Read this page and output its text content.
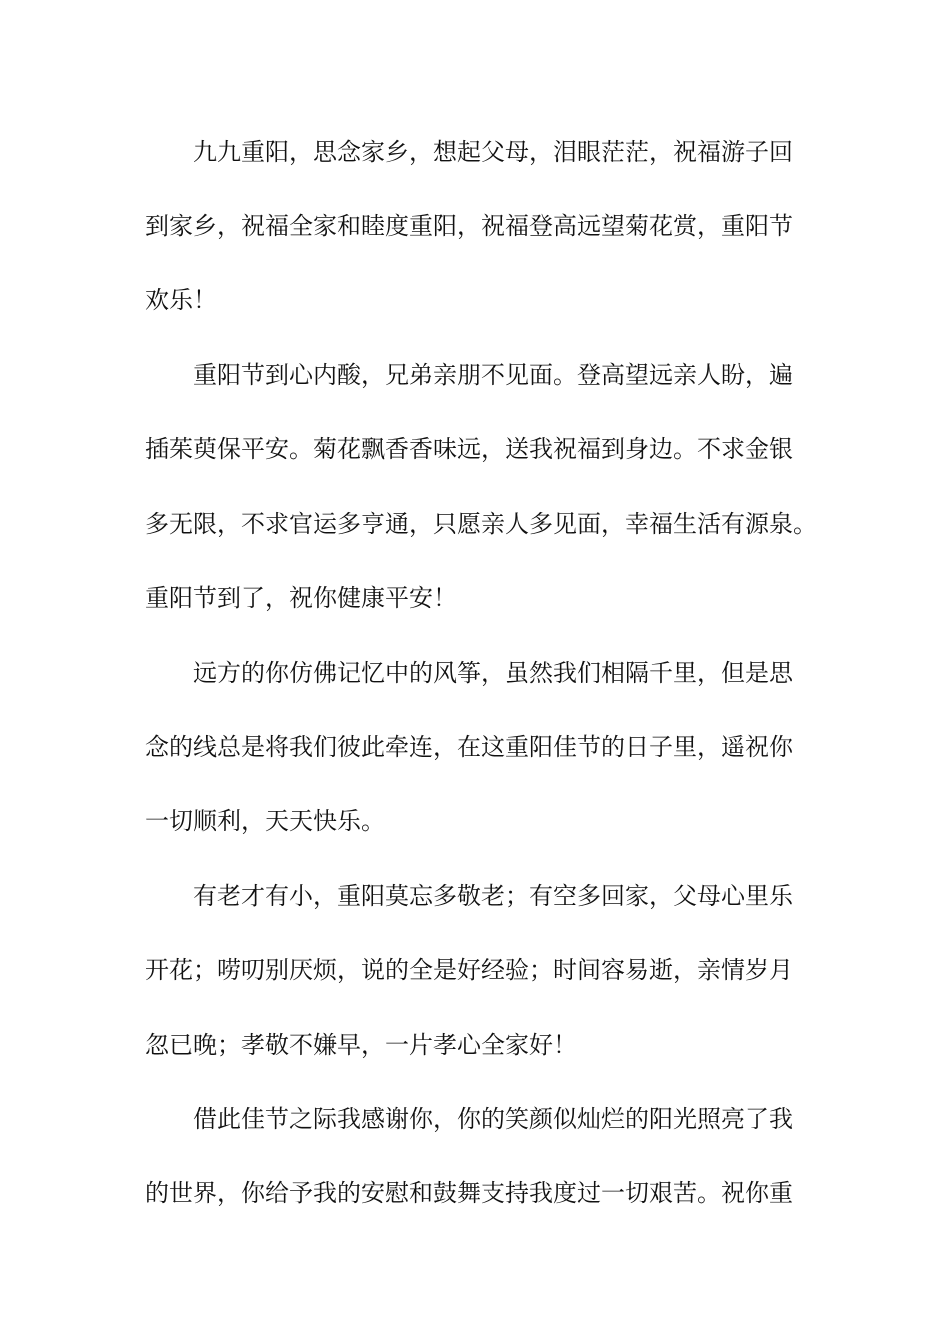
九九重阳，思念家乡，想起父母，泪眼茫茫，祝福游子回
到家乡，祝福全家和睦度重阳，祝福登高远望菊花赏，重阳节
欢乐！
重阳节到心内酸，兄弟亲朋不见面。登高望远亲人盼，遍
插茱萸保平安。菊花飘香香味远，送我祝福到身边。不求金银
多无限，不求官运多亨通，只愿亲人多见面，幸福生活有源泉。
重阳节到了，祝你健康平安！
远方的你仿佛记忆中的风筝，虽然我们相隔千里，但是思
念的线总是将我们彼此牵连，在这重阳佳节的日子里，遥祝你
一切顺利，天天快乐。
有老才有小，重阳莫忘多敬老；有空多回家，父母心里乐
开花；唠叨别厌烦，说的全是好经验；时间容易逝，亲情岁月
忽已晚；孝敬不嫌早，一片孝心全家好！
借此佳节之际我感谢你，你的笑颜似灿烂的阳光照亮了我
的世界，你给予我的安慰和鼓舞支持我度过一切艰苦。祝你重
